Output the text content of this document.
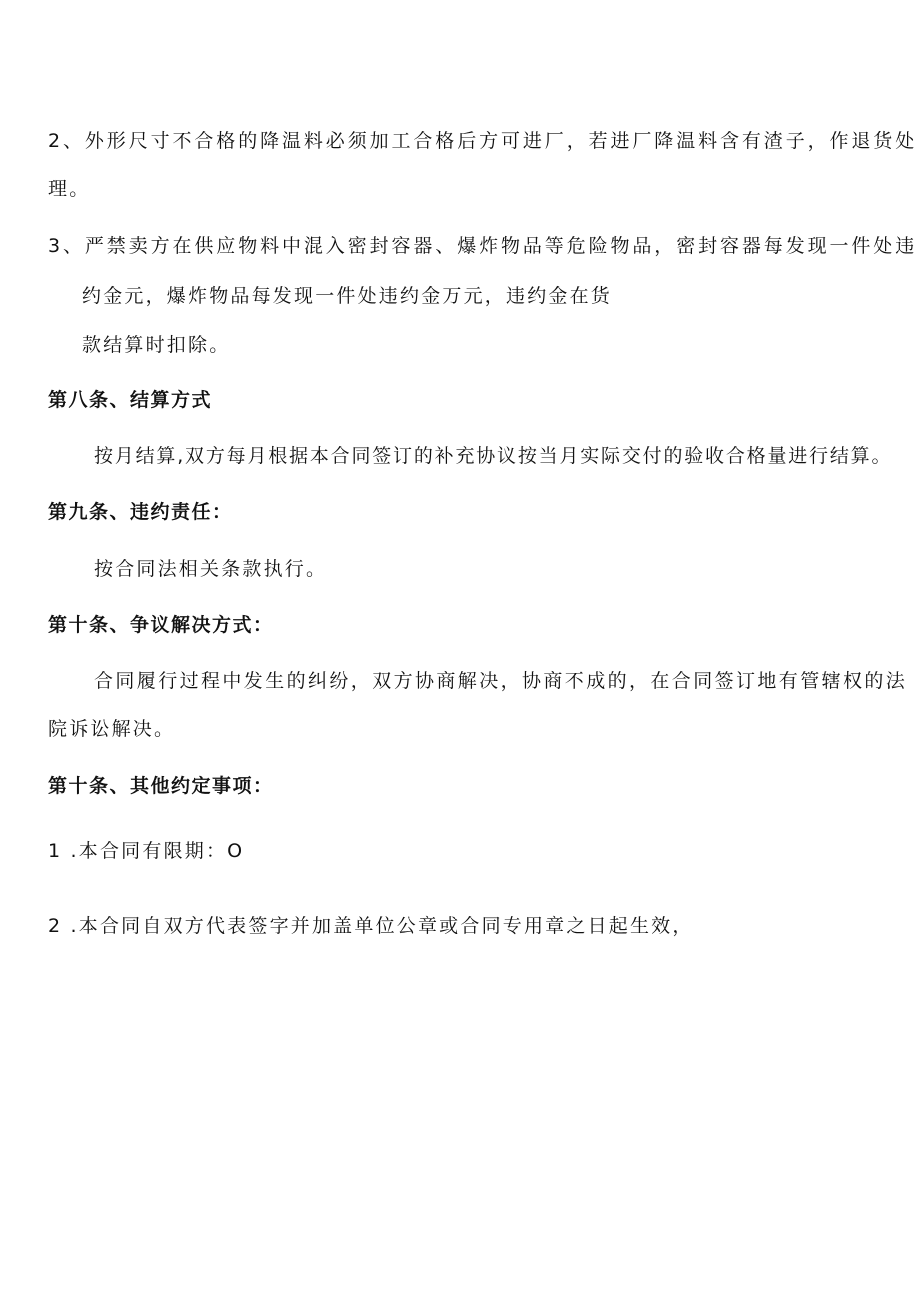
2、外形尺寸不合格的降温料必须加工合格后方可进厂，若进厂降温料含有渣子，作退货处
理。
3、严禁卖方在供应物料中混入密封容器、爆炸物品等危险物品，密封容器每发现一件处违
约金元，爆炸物品每发现一件处违约金万元，违约金在货
款结算时扣除。
第八条、结算方式
按月结算,双方每月根据本合同签订的补充协议按当月实际交付的验收合格量进行结算。
第九条、违约责任：
按合同法相关条款执行。
第十条、争议解决方式：
合同履行过程中发生的纠纷，双方协商解决，协商不成的，在合同签订地有管辖权的法
院诉讼解决。
第十条、其他约定事项：
1 .本合同有限期：O
2 .本合同自双方代表签字并加盖单位公章或合同专用章之日起生效，
